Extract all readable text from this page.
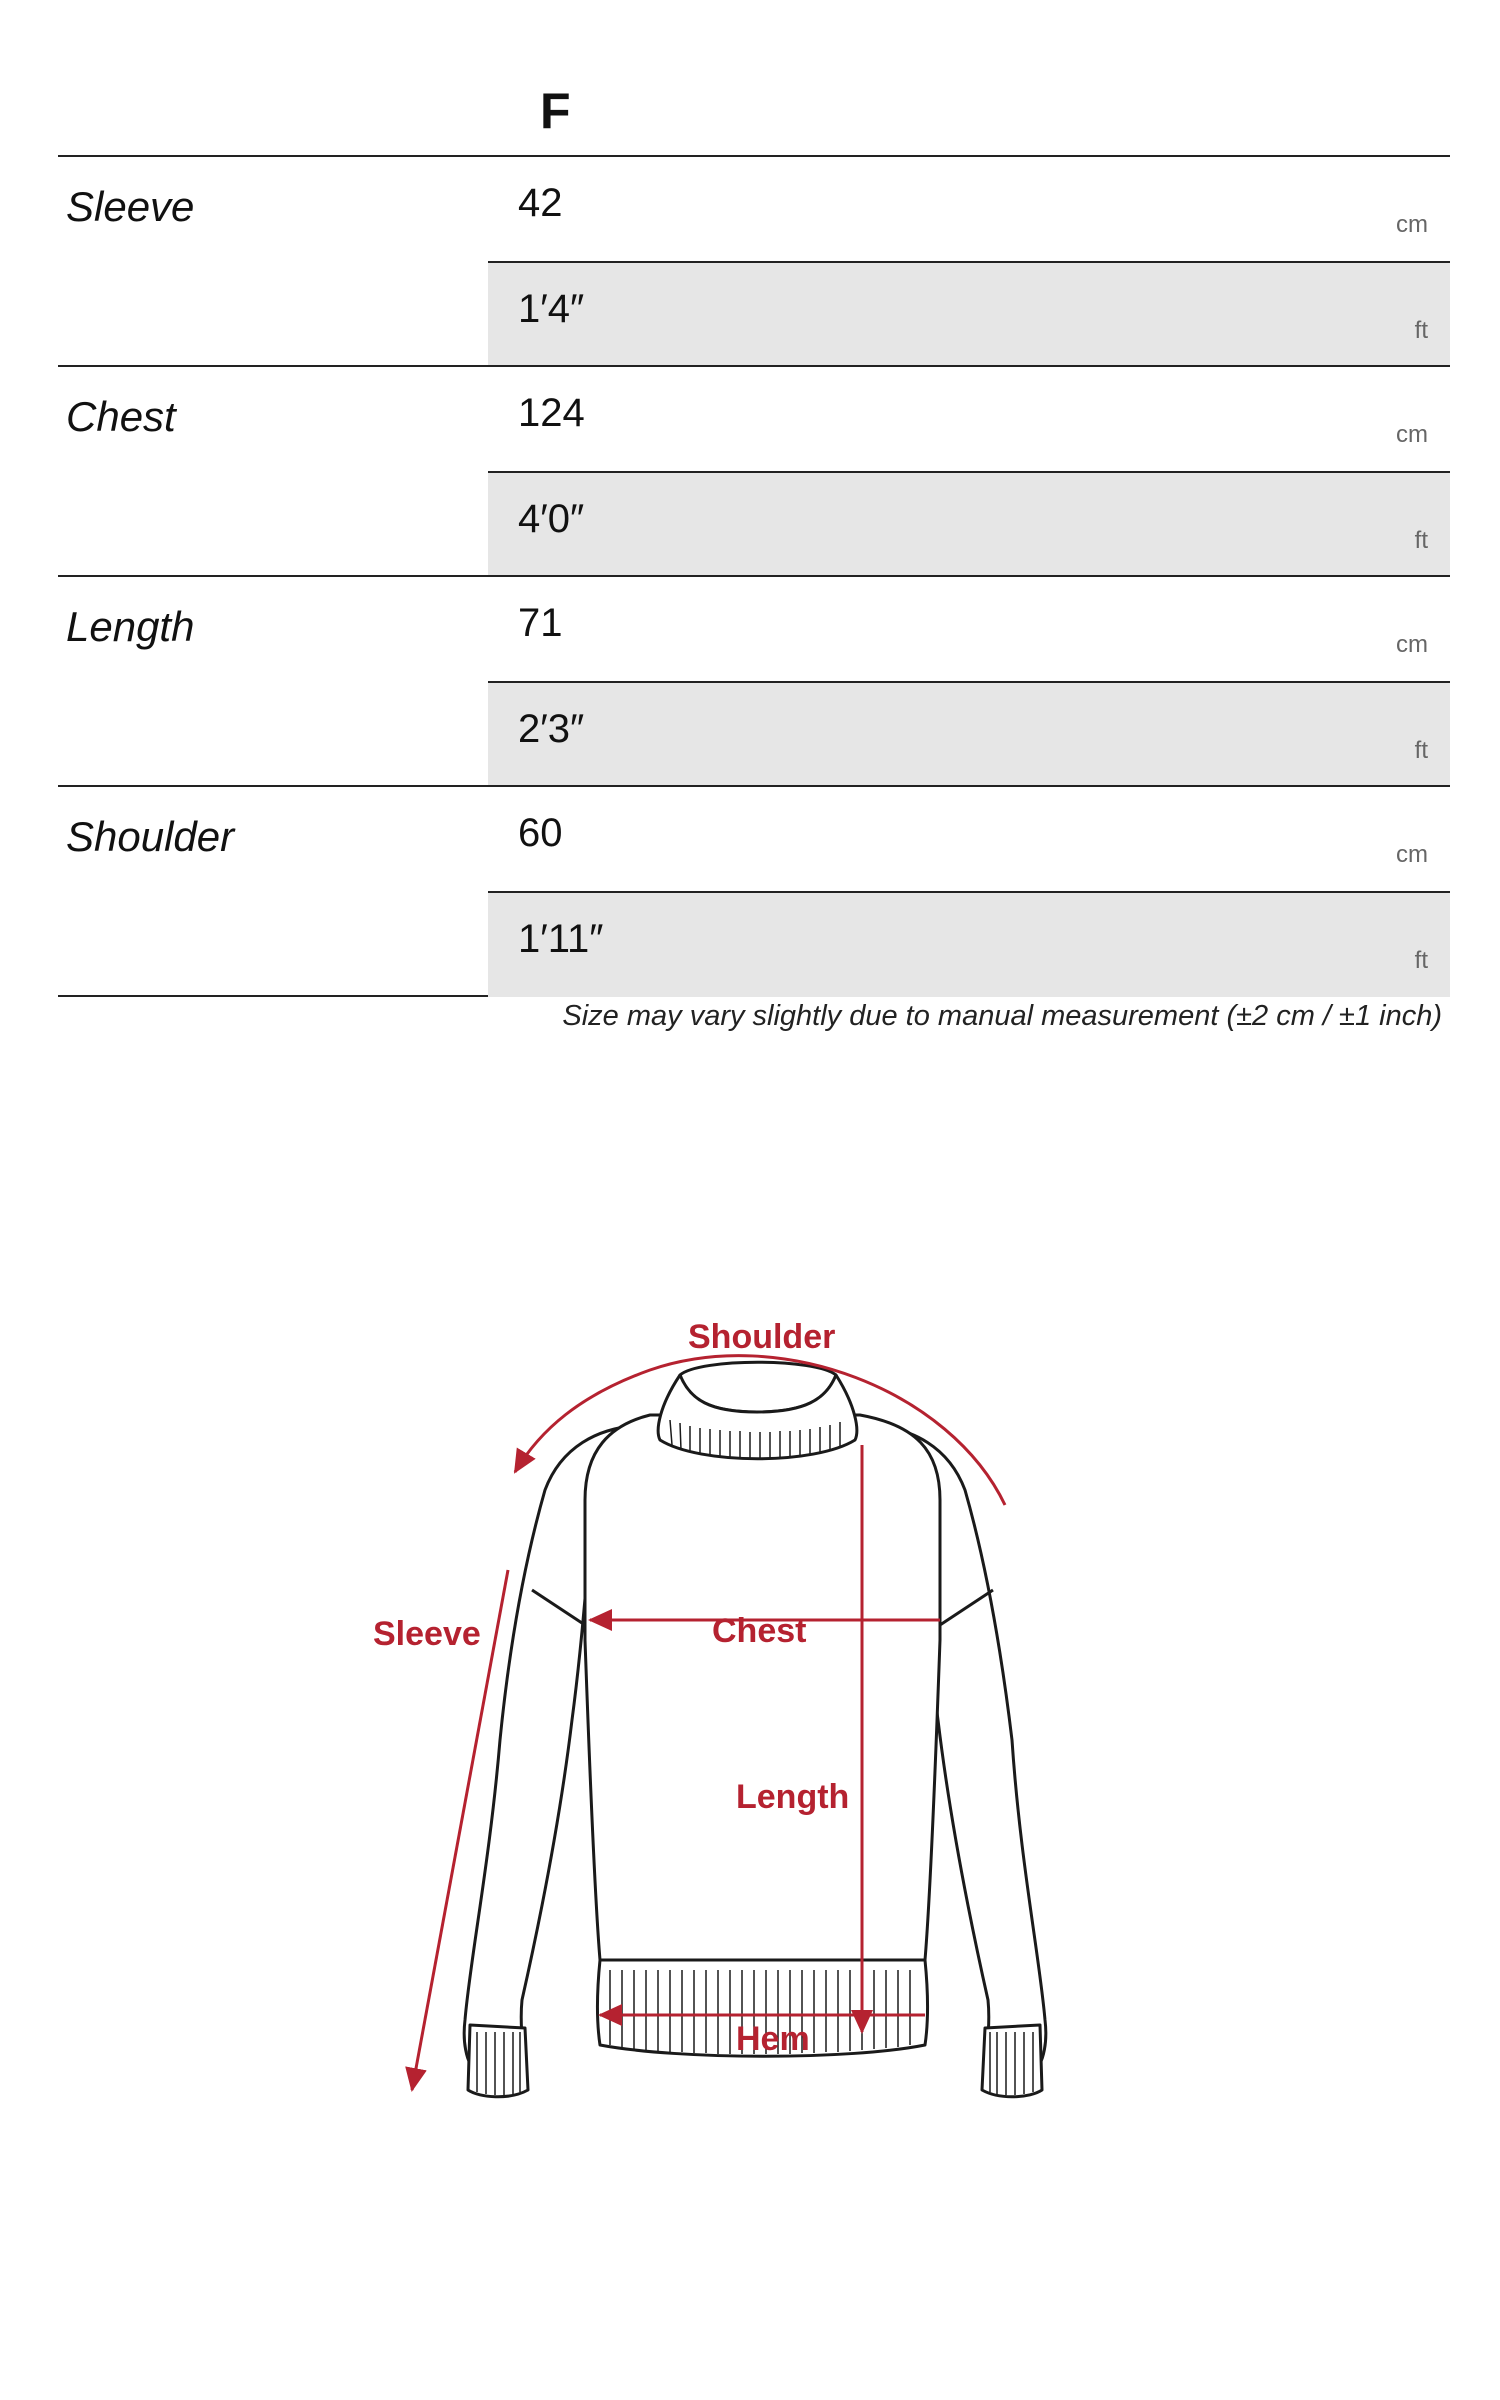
F
Sleeve	42	cm
1′4″	ft
Chest	124	cm
4′0″	ft
Length	71	cm
2′3″	ft
Shoulder	60	cm
1′11″	ft
Size may vary slightly due to manual measurement (±2 cm / ±1 inch)
Shoulder
Sleeve	Chest
Length
Hem
